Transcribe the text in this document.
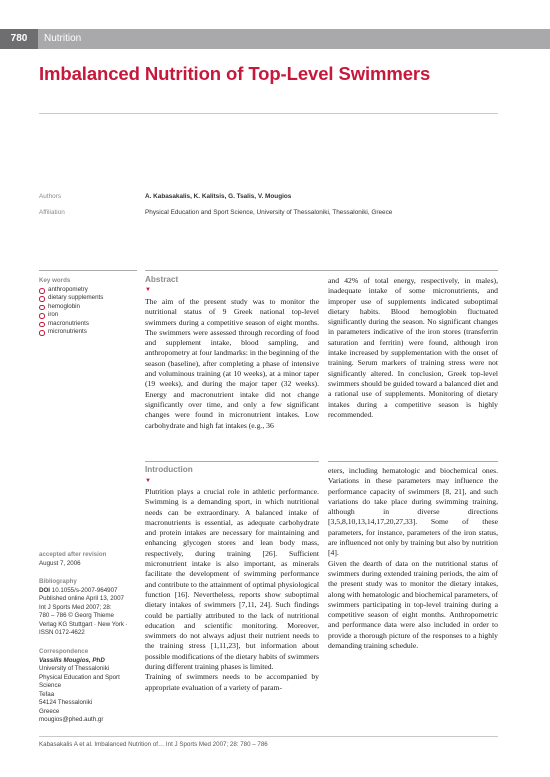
780	Nutrition
Imbalanced Nutrition of Top-Level Swimmers
Authors	A. Kabasakalis, K. Kalitsis, G. Tsalis, V. Mougios
Affiliation	Physical Education and Sport Science, University of Thessaloniki, Thessaloniki, Greece
Key words
anthropometry
dietary supplements
hemoglobin
iron
macronutrients
micronutrients
Abstract
▼
The aim of the present study was to monitor the nutritional status of 9 Greek national top-level swimmers during a competitive season of eight months. The swimmers were assessed through recording of food and supplement intake, blood sampling, and anthropometry at four landmarks: in the beginning of the season (baseline), after completing a phase of intensive and voluminous training (at 10 weeks), at a minor taper (19 weeks), and during the major taper (32 weeks). Energy and macronutrient intake did not change significantly over time, and only a few significant changes were found in micronutrient intakes. Low carbohydrate and high fat intakes (e.g., 36
and 42% of total energy, respectively, in males), inadequate intake of some micronutrients, and improper use of supplements indicated suboptimal dietary habits. Blood hemoglobin fluctuated significantly during the season. No significant changes in parameters indicative of the iron stores (transferrin saturation and ferritin) were found, although iron intake increased by supplementation with the onset of training. Serum markers of training stress were not significantly altered. In conclusion, Greek top-level swimmers should be guided toward a balanced diet and a rational use of supplements. Monitoring of dietary intakes during a competitive season is highly recommended.
Introduction
▼

Plutrition plays a crucial role in athletic performance. Swimming is a demanding sport, in which nutritional needs can be extraordinary. A balanced intake of macronutrients is essential, as adequate carbohydrate and protein intakes are necessary for maintaining and enhancing glycogen stores and lean body mass, respectively, during training [26]. Sufficient micronutrient intake is also important, as minerals facilitate the development of swimming performance and contribute to the attainment of optimal physiological function [16]. Nevertheless, reports show suboptimal dietary intakes of swimmers [7,11, 24]. Such findings could be partially attributed to the lack of nutritional education and scientific monitoring. Moreover, swimmers do not always adjust their nutrient needs to the training stress [1,11,23], but information about possible modifications of the dietary habits of swimmers during different training phases is limited.

Training of swimmers needs to be accompanied by appropriate evaluation of a variety of param-

eters, including hematologic and biochemical ones. Variations in these parameters may influence the performance capacity of swimmers [8, 21], and such variations do take place during swimming training, although in diverse directions [3,5,8,10,13,14,17,20,27,33]. Some of these parameters, for instance, parameters of the iron status, are influenced not only by training but also by nutrition [4].

Given the dearth of data on the nutritional status of swimmers during extended training periods, the aim of the present study was to monitor the dietary intakes, along with hematologic and biochemical parameters, of swimmers participating in top-level training during a competitive season of eight months. Anthropometric and performance data were also included in order to provide a thorough picture of the responses to a highly demanding training schedule.

accepted after revision
August 7, 2006
Bibliography
DOI 10.1055/s-2007-964907
Published online April 13, 2007
Int J Sports Med 2007; 28:
780 – 786 © Georg Thieme
Verlag KG Stuttgart · New York ·
ISSN 0172-4622
Correspondence
Vassilis Mougios, PhD
University of Thessaloniki
Physical Education and Sport
Science
Tefaa
54124 Thessaloniki
Greece
mougios@phed.auth.gr
Kabasakalis A et al. Imbalanced Nutrition of… Int J Sports Med 2007; 28: 780 – 786
